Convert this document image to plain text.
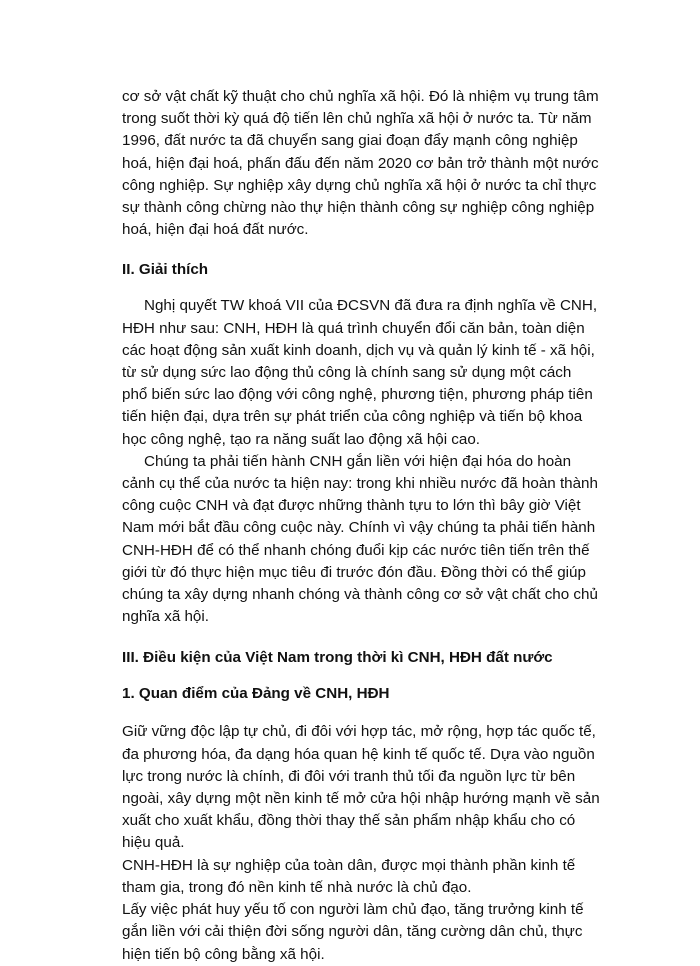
cơ sở vật chất kỹ thuật cho chủ nghĩa xã hội. Đó là nhiệm vụ trung tâm trong suốt thời kỳ quá độ tiến lên chủ nghĩa xã hội ở nước ta. Từ năm 1996, đất nước ta đã chuyển sang giai đoạn đẩy mạnh công nghiệp hoá, hiện đại hoá, phấn đấu đến năm 2020 cơ bản trở thành một nước công nghiệp. Sự nghiệp xây dựng chủ nghĩa xã hội ở nước ta chỉ thực sự thành công chừng nào thự hiện thành công sự nghiệp công nghiệp hoá, hiện đại hoá đất nước.

II. Giải thích

Nghị quyết TW khoá VII của ĐCSVN đã đưa ra định nghĩa về CNH, HĐH như sau: CNH, HĐH là quá trình chuyển đổi căn bản, toàn diện các hoạt động sản xuất kinh doanh, dịch vụ và quản lý kinh tế - xã hội, từ sử dụng sức lao động thủ công là chính sang sử dụng một cách phổ biến sức lao động với công nghệ, phương tiện, phương pháp tiên tiến hiện đại, dựa trên sự phát triển của công nghiệp và tiến bộ khoa học công nghệ, tạo ra năng suất lao động xã hội cao.

Chúng ta phải tiến hành CNH gắn liền với hiện đại hóa do hoàn cảnh cụ thể của nước ta hiện nay: trong khi nhiều nước đã hoàn thành công cuộc CNH và đạt được những thành tựu to lớn thì bây giờ Việt Nam mới bắt đầu công cuộc này. Chính vì vậy chúng ta phải tiến hành CNH-HĐH để có thể nhanh chóng đuổi kịp các nước tiên tiến trên thế giới từ đó thực hiện mục tiêu đi trước đón đầu. Đồng thời có thể giúp chúng ta xây dựng nhanh chóng và thành công cơ sở vật chất cho chủ nghĩa xã hội.

III. Điều kiện của Việt Nam trong thời kì CNH, HĐH đất nước

1. Quan điểm của Đảng về CNH, HĐH

Giữ vững độc lập tự chủ, đi đôi với hợp tác, mở rộng, hợp tác quốc tế, đa phương hóa, đa dạng hóa quan hệ kinh tế quốc tế. Dựa vào nguồn lực trong nước là chính, đi đôi với tranh thủ tối đa nguồn lực từ bên ngoài, xây dựng một nền kinh tế mở cửa hội nhập hướng mạnh về sản xuất cho xuất khẩu, đồng thời thay thế sản phẩm nhập khẩu cho có hiệu quả.

CNH-HĐH là sự nghiệp của toàn dân, được mọi thành phần kinh tế tham gia, trong đó nền kinh tế nhà nước là chủ đạo.

Lấy việc phát huy yếu tố con người làm chủ đạo, tăng trưởng kinh tế gắn liền với cải thiện đời sống người dân, tăng cường dân chủ, thực hiện tiến bộ công bằng xã hội.
